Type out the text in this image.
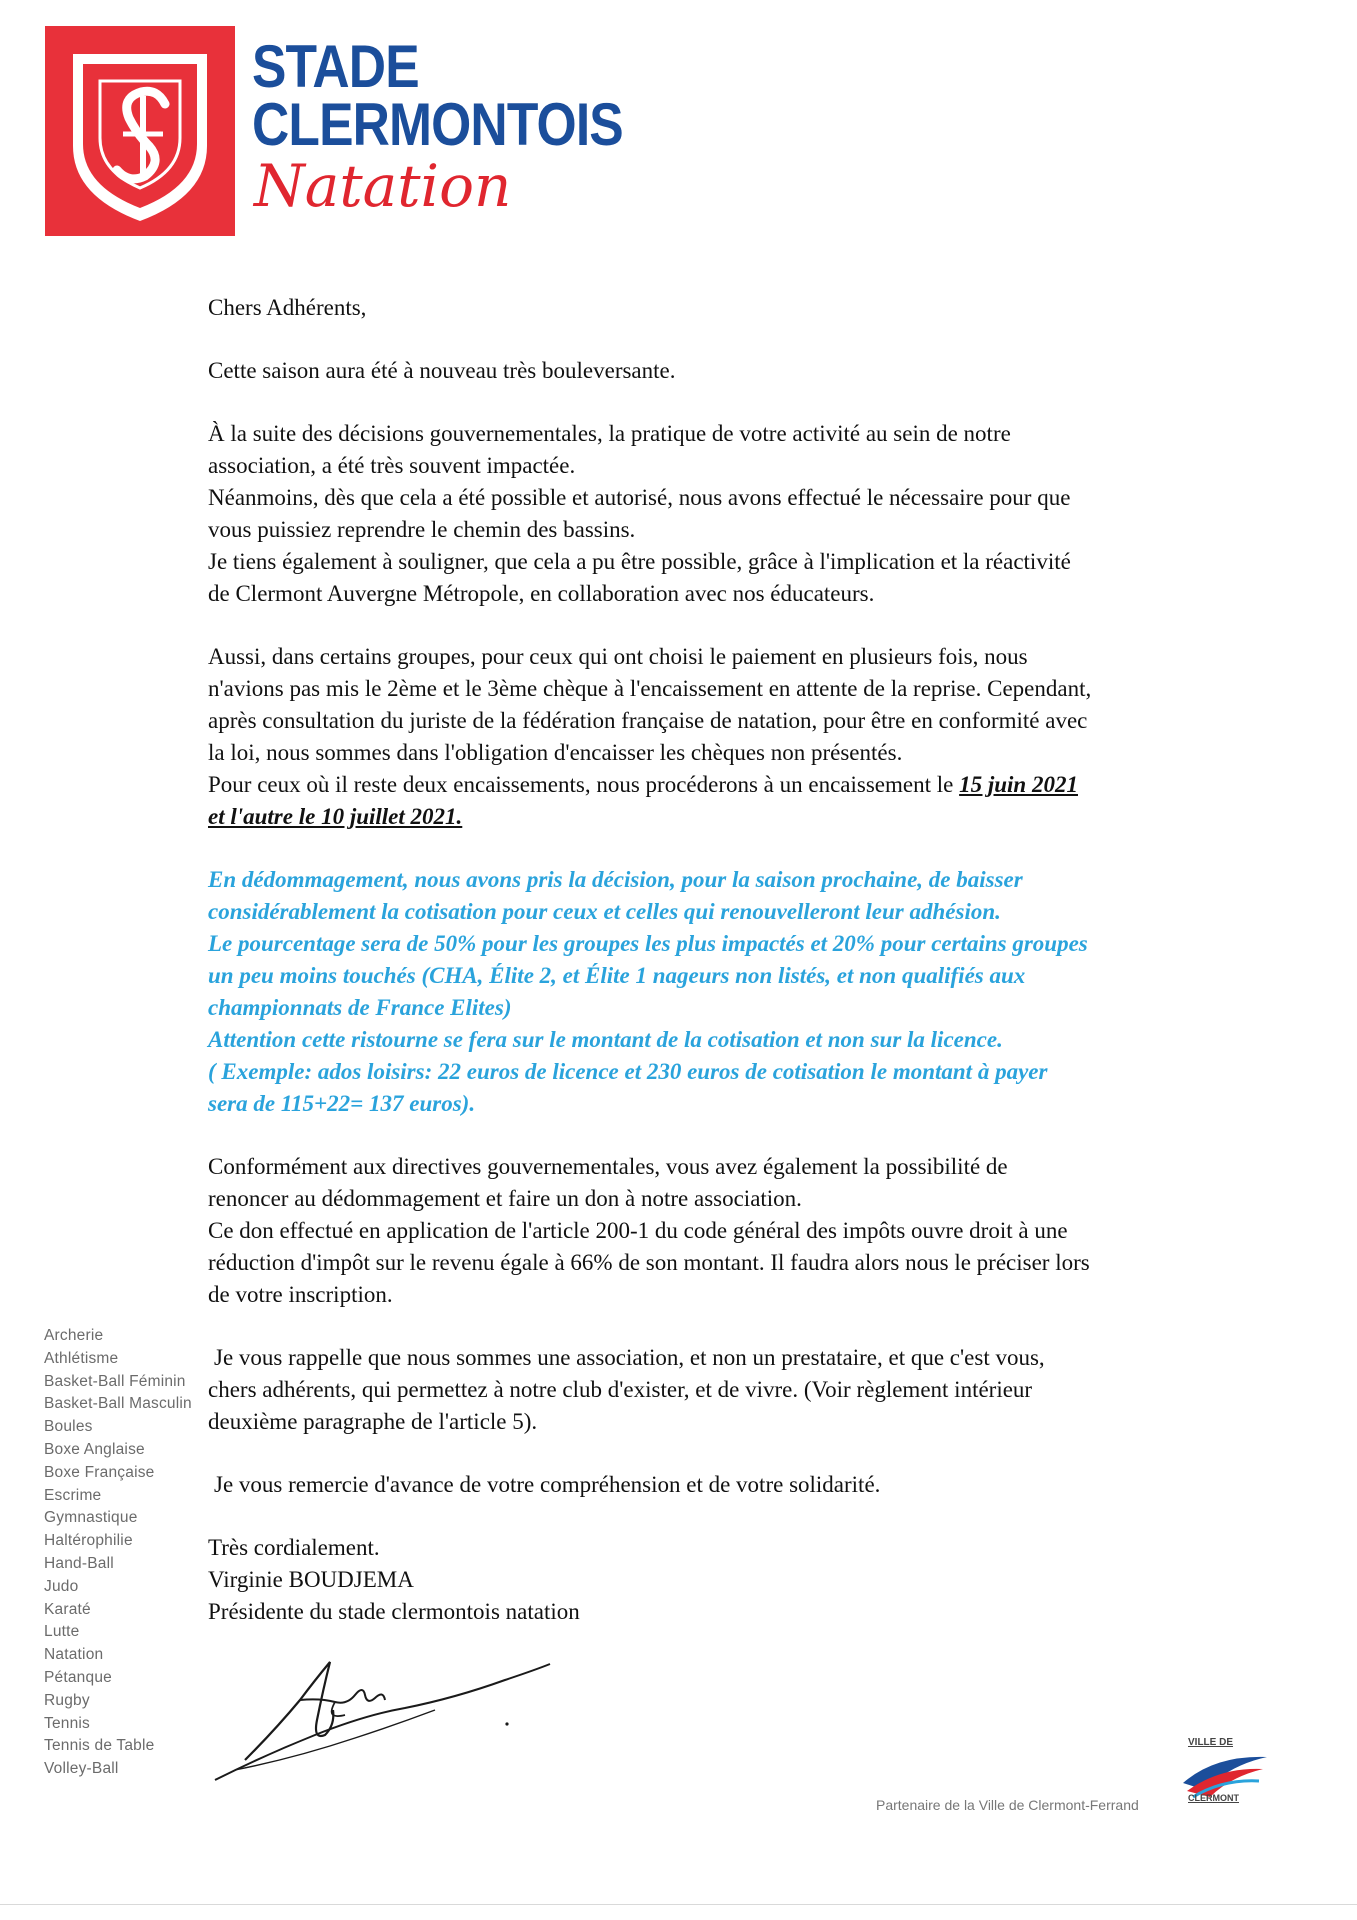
STADE
CLERMONTOIS
Natation

Chers Adhérents,

Cette saison aura été à nouveau très bouleversante.

À la suite des décisions gouvernementales, la pratique de votre activité au sein de notre
association, a été très souvent impactée.
Néanmoins, dès que cela a été possible et autorisé, nous avons effectué le nécessaire pour que
vous puissiez reprendre le chemin des bassins.
Je tiens également à souligner, que cela a pu être possible, grâce à l'implication et la réactivité
de Clermont Auvergne Métropole, en collaboration avec nos éducateurs.

Aussi, dans certains groupes, pour ceux qui ont choisi le paiement en plusieurs fois, nous
n'avions pas mis le 2ème et le 3ème chèque à l'encaissement en attente de la reprise. Cependant,
après consultation du juriste de la fédération française de natation, pour être en conformité avec
la loi, nous sommes dans l'obligation d'encaisser les chèques non présentés.
Pour ceux où il reste deux encaissements, nous procéderons à un encaissement le 15 juin 2021
et l'autre le 10 juillet 2021.

En dédommagement, nous avons pris la décision, pour la saison prochaine, de baisser
considérablement la cotisation pour ceux et celles qui renouvelleront leur adhésion.
Le pourcentage sera de 50% pour les groupes les plus impactés et 20% pour certains groupes
un peu moins touchés (CHA, Élite 2, et Élite 1 nageurs non listés, et non qualifiés aux
championnats de France Elites)
Attention cette ristourne se fera sur le montant de la cotisation et non sur la licence.
( Exemple: ados loisirs: 22 euros de licence et 230 euros de cotisation le montant à payer
sera de 115+22= 137 euros).

Conformément aux directives gouvernementales, vous avez également la possibilité de
renoncer au dédommagement et faire un don à notre association.
Ce don effectué en application de l'article 200-1 du code général des impôts ouvre droit à une
réduction d'impôt sur le revenu égale à 66% de son montant. Il faudra alors nous le préciser lors
de votre inscription.

Je vous rappelle que nous sommes une association, et non un prestataire, et que c'est vous,
chers adhérents, qui permettez à notre club d'exister, et de vivre. (Voir règlement intérieur
deuxième paragraphe de l'article 5).

Je vous remercie d'avance de votre compréhension et de votre solidarité.

Très cordialement.
Virginie BOUDJEMA
Présidente du stade clermontois natation

Archerie
Athlétisme
Basket-Ball Féminin
Basket-Ball Masculin
Boules
Boxe Anglaise
Boxe Française
Escrime
Gymnastique
Haltérophilie
Hand-Ball
Judo
Karaté
Lutte
Natation
Pétanque
Rugby
Tennis
Tennis de Table
Volley-Ball
Partenaire de la Ville de Clermont-Ferrand
VILLE DE
CLERMONT
